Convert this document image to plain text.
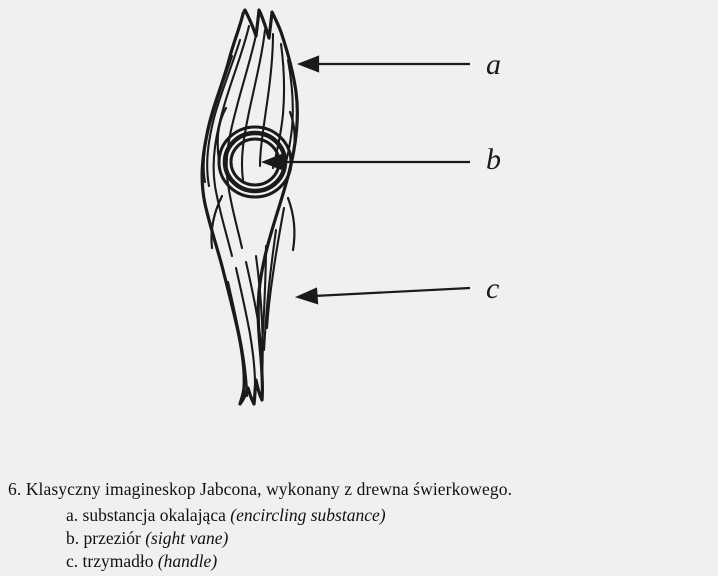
a
b
c
6. Klasyczny imagineskop Jabcona, wykonany z drewna świerkowego.
a. substancja okalająca (encircling substance)
b. przeziór (sight vane)
c. trzymadło (handle)
